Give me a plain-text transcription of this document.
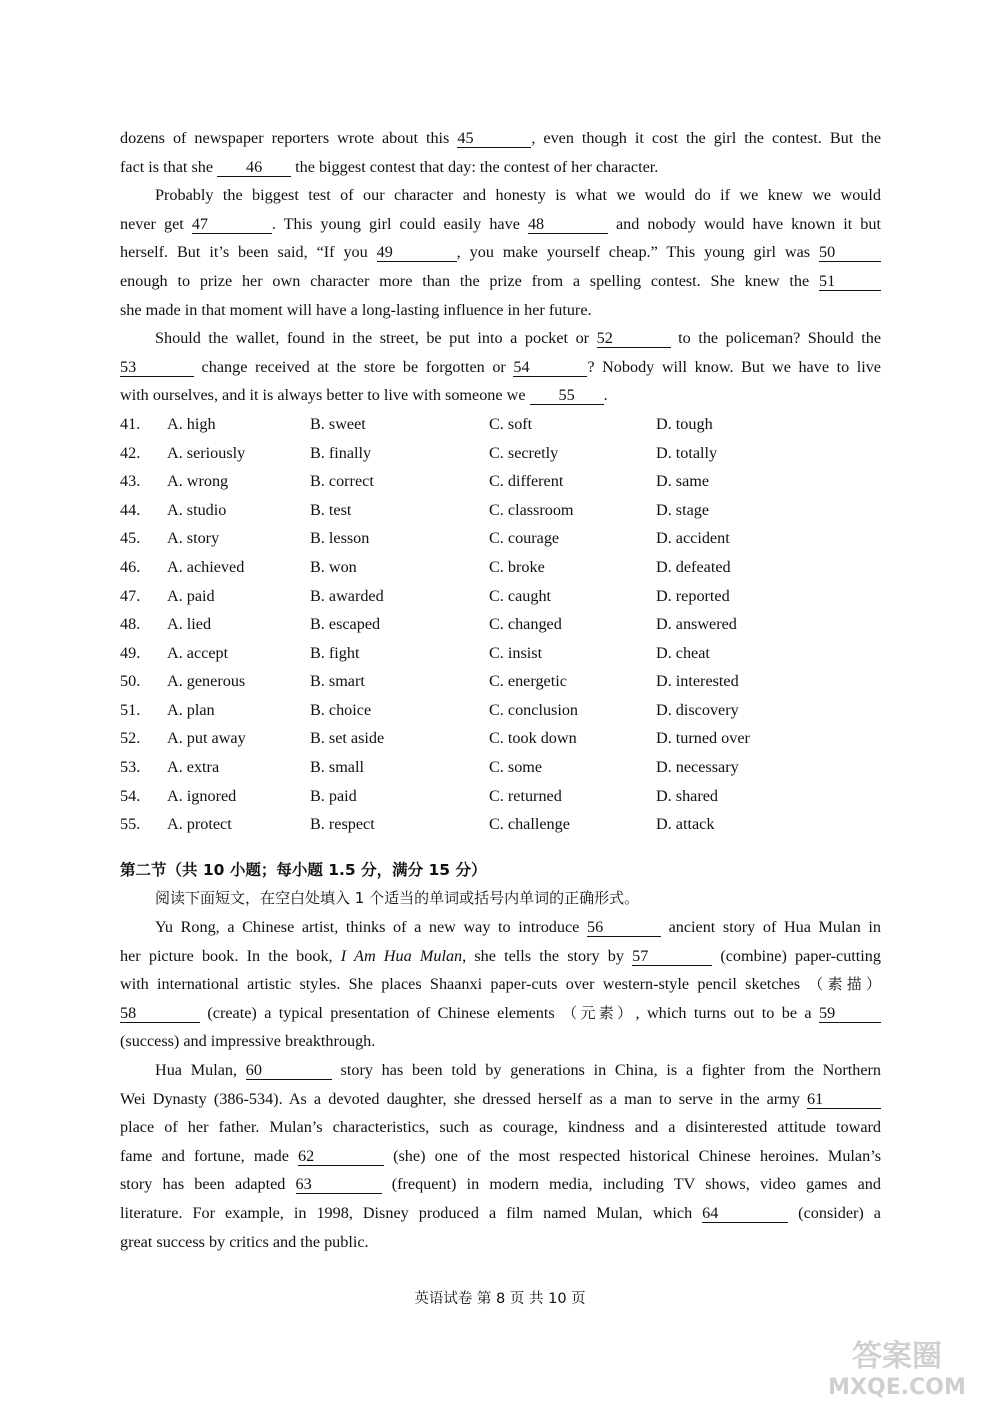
dozens of newspaper reporters wrote about this 45	, even though it cost the girl the contest. But the

fact is that she 46 the biggest contest that day: the contest of her character.

Probably the biggest test of our character and honesty is what we would do if we knew we would

never get 47	. This young girl could easily have 48	and nobody would have known it but

herself. But it’s been said, “If you 49	, you make yourself cheap.” This young girl was 50

enough to prize her own character more than the prize from a spelling contest. She knew the 51

she made in that moment will have a long-lasting influence in her future.

Should the wallet, found in the street, be put into a pocket or 52	to the policeman? Should the

53	change received at the store be forgotten or 54	? Nobody will know. But we have to live

with ourselves, and it is always better to live with someone we 55 .

41.	A. high	B. sweet	C. soft	D. tough
42.	A. seriously	B. finally	C. secretly	D. totally
43.	A. wrong	B. correct	C. different	D. same
44.	A. studio	B. test	C. classroom	D. stage
45.	A. story	B. lesson	C. courage	D. accident
46.	A. achieved	B. won	C. broke	D. defeated
47.	A. paid	B. awarded	C. caught	D. reported
48.	A. lied	B. escaped	C. changed	D. answered
49.	A. accept	B. fight	C. insist	D. cheat
50.	A. generous	B. smart	C. energetic	D. interested
51.	A. plan	B. choice	C. conclusion	D. discovery
52.	A. put away	B. set aside	C. took down	D. turned over
53.	A. extra	B. small	C. some	D. necessary
54.	A. ignored	B. paid	C. returned	D. shared
55.	A. protect	B. respect	C. challenge	D. attack

第二节（共 10 小题；每小题 1.5 分，满分 15 分）

阅读下面短文，在空白处填入 1 个适当的单词或括号内单词的正确形式。

Yu Rong, a Chinese artist, thinks of a new way to introduce 56	ancient story of Hua Mulan in

her picture book. In the book, I Am Hua Mulan, she tells the story by 57	(combine) paper-cutting

with international artistic styles. She places Shaanxi paper-cuts over western-style pencil sketches （素描）

58	(create) a typical presentation of Chinese elements （元素）, which turns out to be a 59

(success) and impressive breakthrough.

Hua Mulan, 60	story has been told by generations in China, is a fighter from the Northern

Wei Dynasty (386-534). As a devoted daughter, she dressed herself as a man to serve in the army 61

place of her father. Mulan’s characteristics, such as courage, kindness and a disinterested attitude toward

fame and fortune, made 62	(she) one of the most respected historical Chinese heroines. Mulan’s

story has been adapted 63	(frequent) in modern media, including TV shows, video games and

literature. For example, in 1998, Disney produced a film named Mulan, which 64	(consider) a

great success by critics and the public.

英语试卷 第 8 页 共 10 页
答案圈
MXQE.COM
